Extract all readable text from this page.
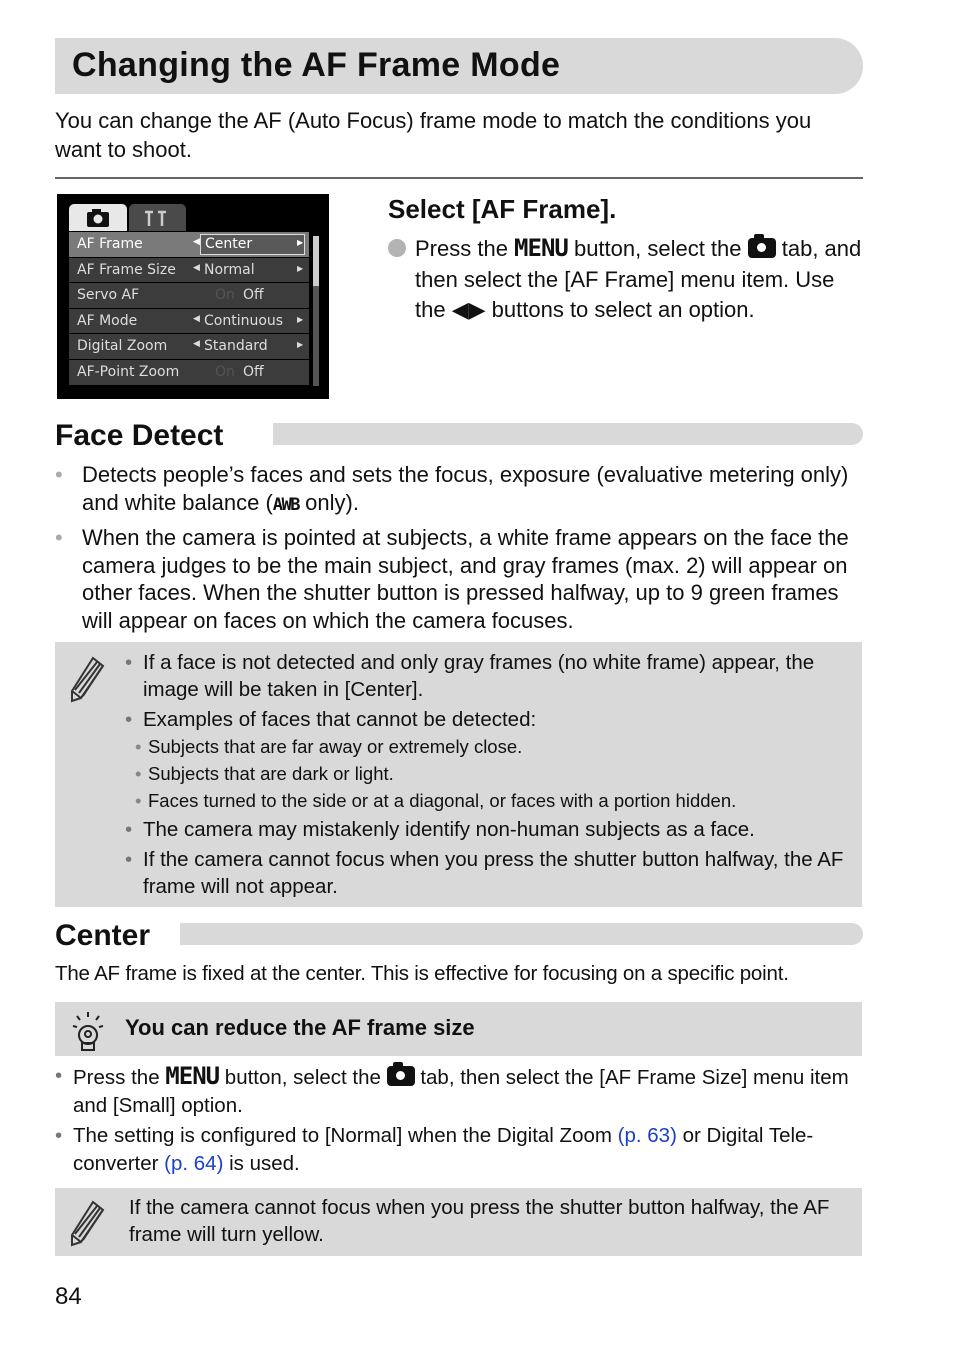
Changing the AF Frame Mode

You can change the AF (Auto Focus) frame mode to match the conditions you want to shoot.

AF Frame	◀ Center	▶
AF Frame Size ◀ Normal	▶
Servo AF	On Off
AF Mode	◀ Continuous ▶
Digital Zoom	◀ Standard	▶
AF-Point Zoom	On Off
Select [AF Frame].
Press the MENU button, select the  tab, and then select the [AF Frame] menu item. Use the ◀▶ buttons to select an option.
Face Detect
• Detects people’s faces and sets the focus, exposure (evaluative metering only) and white balance (AWB only).
• When the camera is pointed at subjects, a white frame appears on the face the camera judges to be the main subject, and gray frames (max. 2) will appear on other faces. When the shutter button is pressed halfway, up to 9 green frames will appear on faces on which the camera focuses.
• If a face is not detected and only gray frames (no white frame) appear, the image will be taken in [Center].
• Examples of faces that cannot be detected:
• Subjects that are far away or extremely close.
• Subjects that are dark or light.
• Faces turned to the side or at a diagonal, or faces with a portion hidden.
• The camera may mistakenly identify non-human subjects as a face.
• If the camera cannot focus when you press the shutter button halfway, the AF frame will not appear.
Center

The AF frame is fixed at the center. This is effective for focusing on a specific point.

You can reduce the AF frame size
• Press the MENU button, select the  tab, then select the [AF Frame Size] menu item and [Small] option.
• The setting is configured to [Normal] when the Digital Zoom (p. 63) or Digital Tele-converter (p. 64) is used.

If the camera cannot focus when you press the shutter button halfway, the AF frame will turn yellow.

84
